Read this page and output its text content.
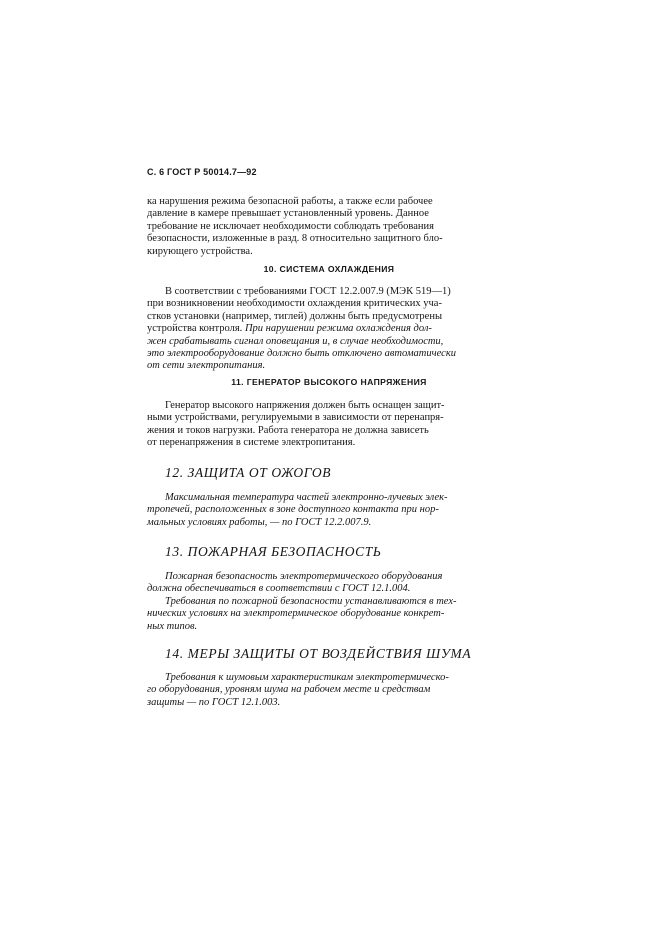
С. 6 ГОСТ Р 50014.7—92

ка нарушения режима безопасной работы, а также если рабочее

давление в камере превышает установленный уровень. Данное

требование не исключает необходимости соблюдать требования

безопасности, изложенные в разд. 8 относительно защитного бло-

кирующего устройства.

10. СИСТЕМА ОХЛАЖДЕНИЯ

В соответствии с требованиями ГОСТ 12.2.007.9 (МЭК 519—1)

при возникновении необходимости охлаждения критических уча-

стков установки (например, тиглей) должны быть предусмотрены

устройства контроля. При нарушении режима охлаждения дол-

жен срабатывать сигнал оповещания и, в случае необходимости,

это электрооборудование должно быть отключено автоматически

от сети электропитания.

11. ГЕНЕРАТОР ВЫСОКОГО НАПРЯЖЕНИЯ

Генератор высокого напряжения должен быть оснащен защит-

ными устройствами, регулируемыми в зависимости от перенапря-

жения и токов нагрузки. Работа генератора не должна зависеть

от перенапряжения в системе электропитания.

12. ЗАЩИТА ОТ ОЖОГОВ

Максимальная температура частей электронно-лучевых элек-

тропечей, расположенных в зоне доступного контакта при нор-

мальных условиях работы, — по ГОСТ 12.2.007.9.

13. ПОЖАРНАЯ БЕЗОПАСНОСТЬ

Пожарная безопасность электротермического оборудования

должна обеспечиваться в соответствии с ГОСТ 12.1.004.

Требования по пожарной безопасности устанавливаются в тех-

нических условиях на электротермическое оборудование конкрет-

ных типов.

14. МЕРЫ ЗАЩИТЫ ОТ ВОЗДЕЙСТВИЯ ШУМА

Требования к шумовым характеристикам электротермическо-

го оборудования, уровням шума на рабочем месте и средствам

защиты — по ГОСТ 12.1.003.
